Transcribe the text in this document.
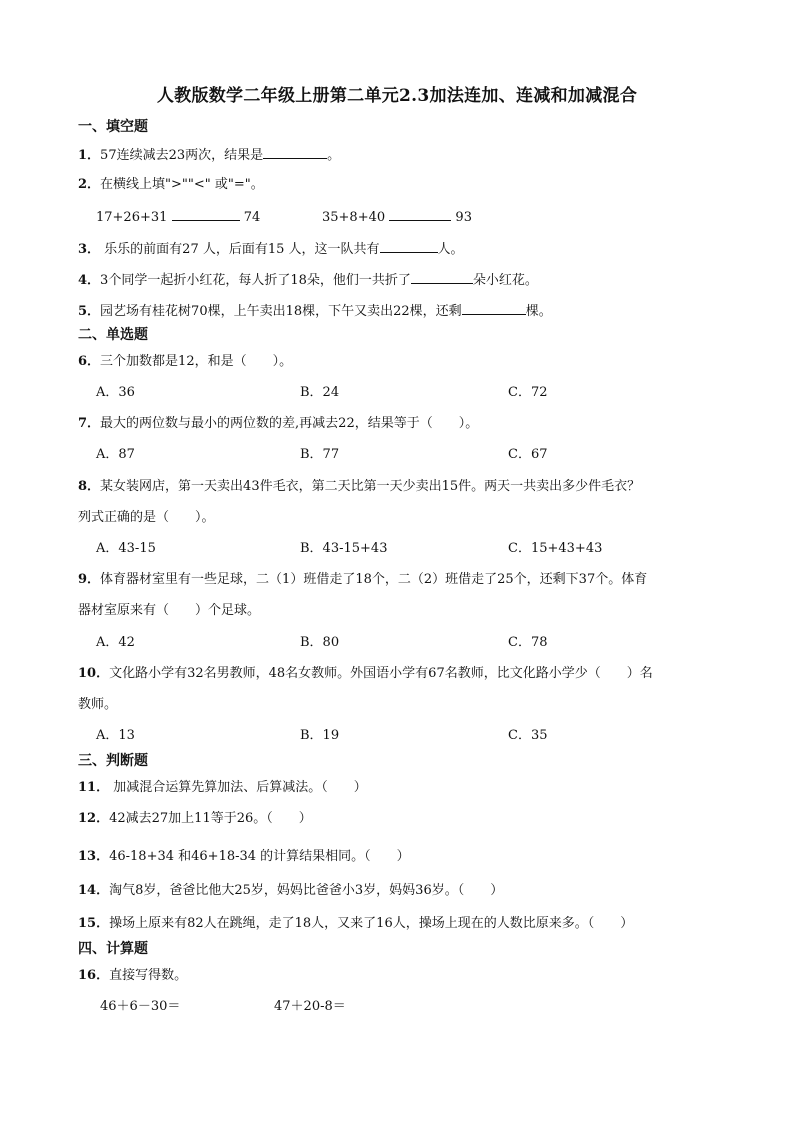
人教版数学二年级上册第二单元2.3加法连加、连减和加减混合
一、填空题
1．57连续减去23两次，结果是	。
2．在横线上填">""<" 或"="。
17+26+31	74	35+8+40	93
3． 乐乐的前面有27 人，后面有15 人，这一队共有	人。
4．3个同学一起折小红花，每人折了18朵，他们一共折了	朵小红花。
5．园艺场有桂花树70棵，上午卖出18棵，下午又卖出22棵，还剩	棵。
二、单选题
6．三个加数都是12，和是（　　）。
A．36	B．24	C．72
7．最大的两位数与最小的两位数的差,再减去22，结果等于（　　）。
A．87	B．77	C．67
8．某女装网店，第一天卖出43件毛衣，第二天比第一天少卖出15件。两天一共卖出多少件毛衣？
列式正确的是（　　）。
A．43-15	B．43-15+43	C．15+43+43
9．体育器材室里有一些足球，二（1）班借走了18个，二（2）班借走了25个，还剩下37个。体育
器材室原来有（　　）个足球。
A．42	B．80	C．78
10．文化路小学有32名男教师，48名女教师。外国语小学有67名教师，比文化路小学少（　　）名
教师。
A．13	B．19	C．35
三、判断题
11． 加减混合运算先算加法、后算减法。（　　）
12．42减去27加上11等于26。（　　）
13．46-18+34 和46+18-34 的计算结果相同。（　　）
14．淘气8岁，爸爸比他大25岁，妈妈比爸爸小3岁，妈妈36岁。（　　）
15．操场上原来有82人在跳绳，走了18人，又来了16人，操场上现在的人数比原来多。（　　）
四、计算题
16．直接写得数。
46＋6－30＝	47＋20-8＝
